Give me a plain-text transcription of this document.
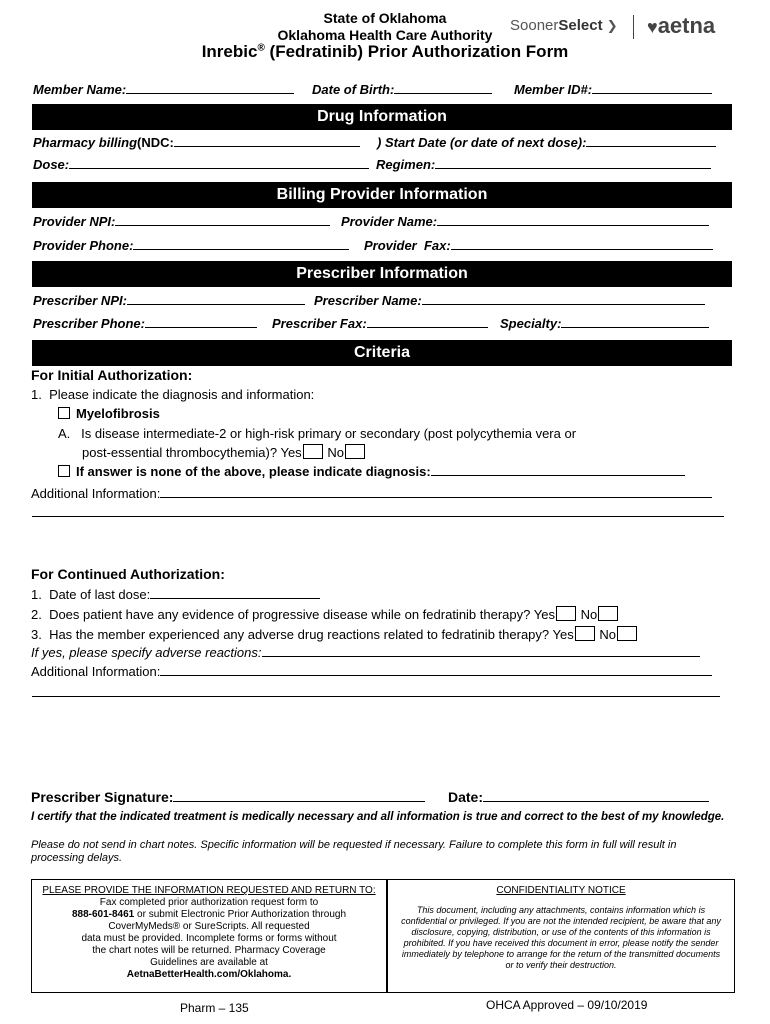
State of Oklahoma
Oklahoma Health Care Authority
Inrebic® (Fedratinib) Prior Authorization Form
SoonerSelect ❯ ♥aetna
Member Name:	Date of Birth:	Member ID#:
Drug Information
Pharmacy billing(NDC:	) Start Date (or date of next dose):
Dose:	Regimen:
Billing Provider Information
Provider NPI:	Provider Name:
Provider Phone:	Provider  Fax:
Prescriber Information
Prescriber NPI:	Prescriber Name:
Prescriber Phone:	Prescriber Fax:	Specialty:
Criteria
For Initial Authorization:
1.  Please indicate the diagnosis and information:
Myelofibrosis
A.   Is disease intermediate-2 or high-risk primary or secondary (post polycythemia vera or
post-essential thrombocythemia)? Yes No
If answer is none of the above, please indicate diagnosis:
Additional Information:
For Continued Authorization:
1.  Date of last dose:
2.  Does patient have any evidence of progressive disease while on fedratinib therapy? Yes No
3.  Has the member experienced any adverse drug reactions related to fedratinib therapy? Yes No
If yes, please specify adverse reactions:
Additional Information:
Prescriber Signature:	Date:
I certify that the indicated treatment is medically necessary and all information is true and correct to the best of my knowledge.
Please do not send in chart notes. Specific information will be requested if necessary. Failure to complete this form in full will result in processing delays.
PLEASE PROVIDE THE INFORMATION REQUESTED AND RETURN TO:
Fax completed prior authorization request form to
888-601-8461 or submit Electronic Prior Authorization through
CoverMyMeds® or SureScripts. All requested
data must be provided. Incomplete forms or forms without
the chart notes will be returned. Pharmacy Coverage
Guidelines are available at
AetnaBetterHealth.com/Oklahoma.
CONFIDENTIALITY NOTICE
This document, including any attachments, contains information which is confidential or privileged. If you are not the intended recipient, be aware that any disclosure, copying, distribution, or use of the contents of this information is prohibited. If you have received this document in error, please notify the sender immediately by telephone to arrange for the return of the transmitted documents or to verify their destruction.
Pharm – 135	OHCA Approved – 09/10/2019
